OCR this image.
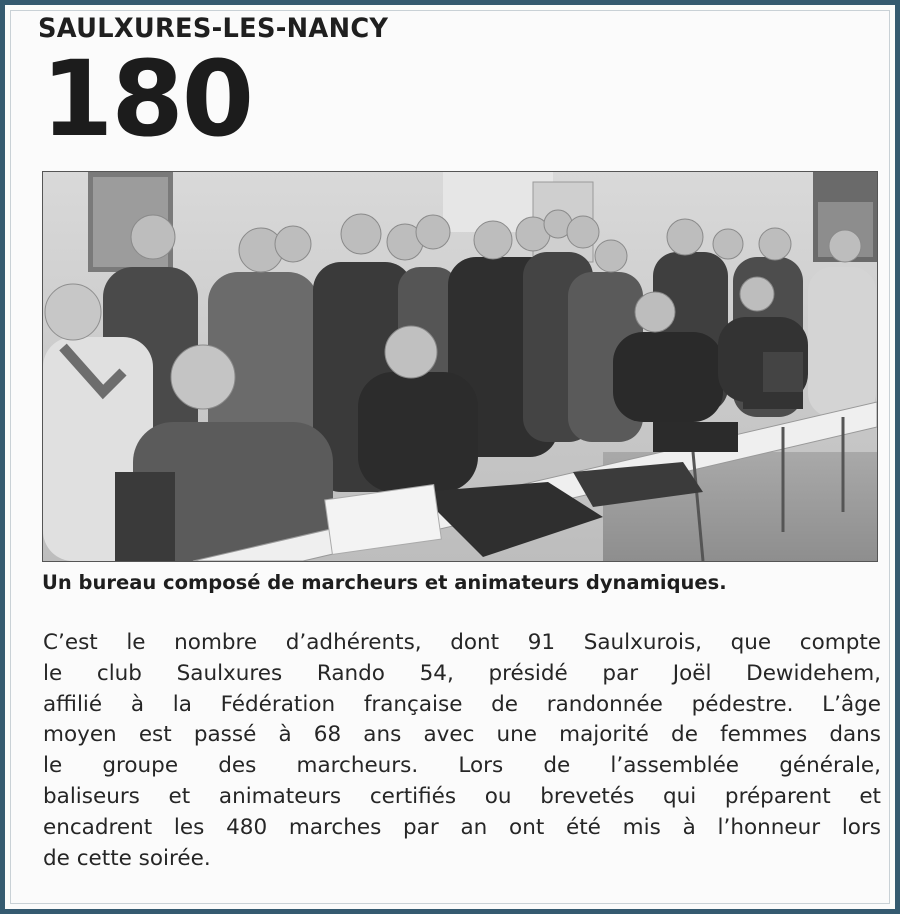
SAULXURES-LES-NANCY
180
Un bureau composé de marcheurs et animateurs dynamiques.
C’est le nombre d’adhérents, dont 91 Saulxurois, que compte
le club Saulxures Rando 54, présidé par Joël Dewidehem,
affilié à la Fédération française de randonnée pédestre. L’âge
moyen est passé à 68 ans avec une majorité de femmes dans
le groupe des marcheurs. Lors de l’assemblée générale,
baliseurs et animateurs certifiés ou brevetés qui préparent et
encadrent les 480 marches par an ont été mis à l’honneur lors
de cette soirée.
